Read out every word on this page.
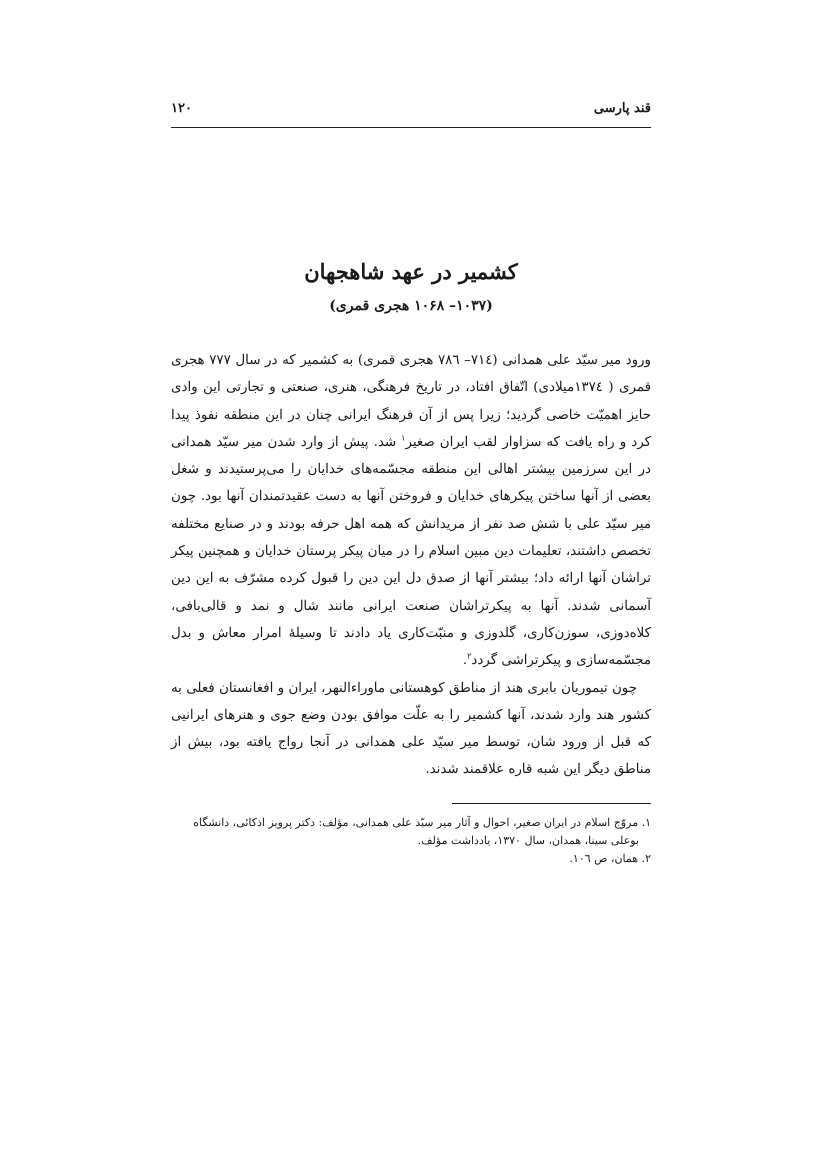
قند پارسی
۱۲۰
کشمیر در عهد شاهجهان
(۱۰۳۷– ۱۰۶۸ هجری قمری)

ورود میر سیّد علی همدانی (۷۱٤– ۷۸٦ هجری قمری) به کشمیر که در سال ۷۷۷ هجری قمری ( ۱۳۷٤میلادی) اتّفاق افتاد، در تاریخ فرهنگی، هنری، صنعتی و تجارتی این وادی حایز اهمیّت خاصی گردید؛ زیرا پس از آن فرهنگ ایرانی چنان در این منطقه نفوذ پیدا کرد و راه یافت که سزاوار لقب ایران صغیر$^۱$ شد. پیش از وارد شدن میر سیّد همدانی در این سرزمین بیشتر اهالی این منطقه مجسّمه‌های خدایان را می‌پرستیدند و شغل بعضی از آنها ساختن پیکرهای خدایان و فروختن آنها به دست عقیدتمندان آنها بود. چون میر سیّد علی با شش صد نفر از مریدانش که همه اهل حرفه بودند و در صنایع مختلفه تخصص داشتند، تعلیمات دین مبین اسلام را در میان پیکر پرستان خدایان و همچنین پیکر تراشان آنها ارائه داد؛ بیشتر آنها از صدق دل این دین را قبول کرده مشرّف به این دین آسمانی شدند. آنها به پیکرتراشان صنعت ایرانی مانند شال و نمد و قالی‌بافی، کلاه‌دوزی، سوزن‌کاری، گلدوزی و منبّت‌کاری یاد دادند تا وسیلهٔ امرار معاش و بدل مجسّمه‌سازی و پیکرتراشی گردد$^۲$.

چون تیموریان بابری هند از مناطق کوهستانی ماوراءالنهر، ایران و افغانستان فعلی به کشور هند وارد شدند، آنها کشمیر را به علّت موافق بودن وضع جوی و هنرهای ایرانیی که قبل از ورود شان، توسط میر سیّد علی همدانی در آنجا رواج یافته بود، بیش از مناطق دیگر این شبه قاره علاقمند شدند.

۱. مروّج اسلام در ایران صغیر، احوال و آثار میر سیّد علی همدانی، مؤلف: دکتر پرویز اذکائی، دانشگاه

بوعلی سینا، همدان، سال ۱۳۷۰، یادداشت مؤلف.

۲. همان، ص ۱۰٦.
